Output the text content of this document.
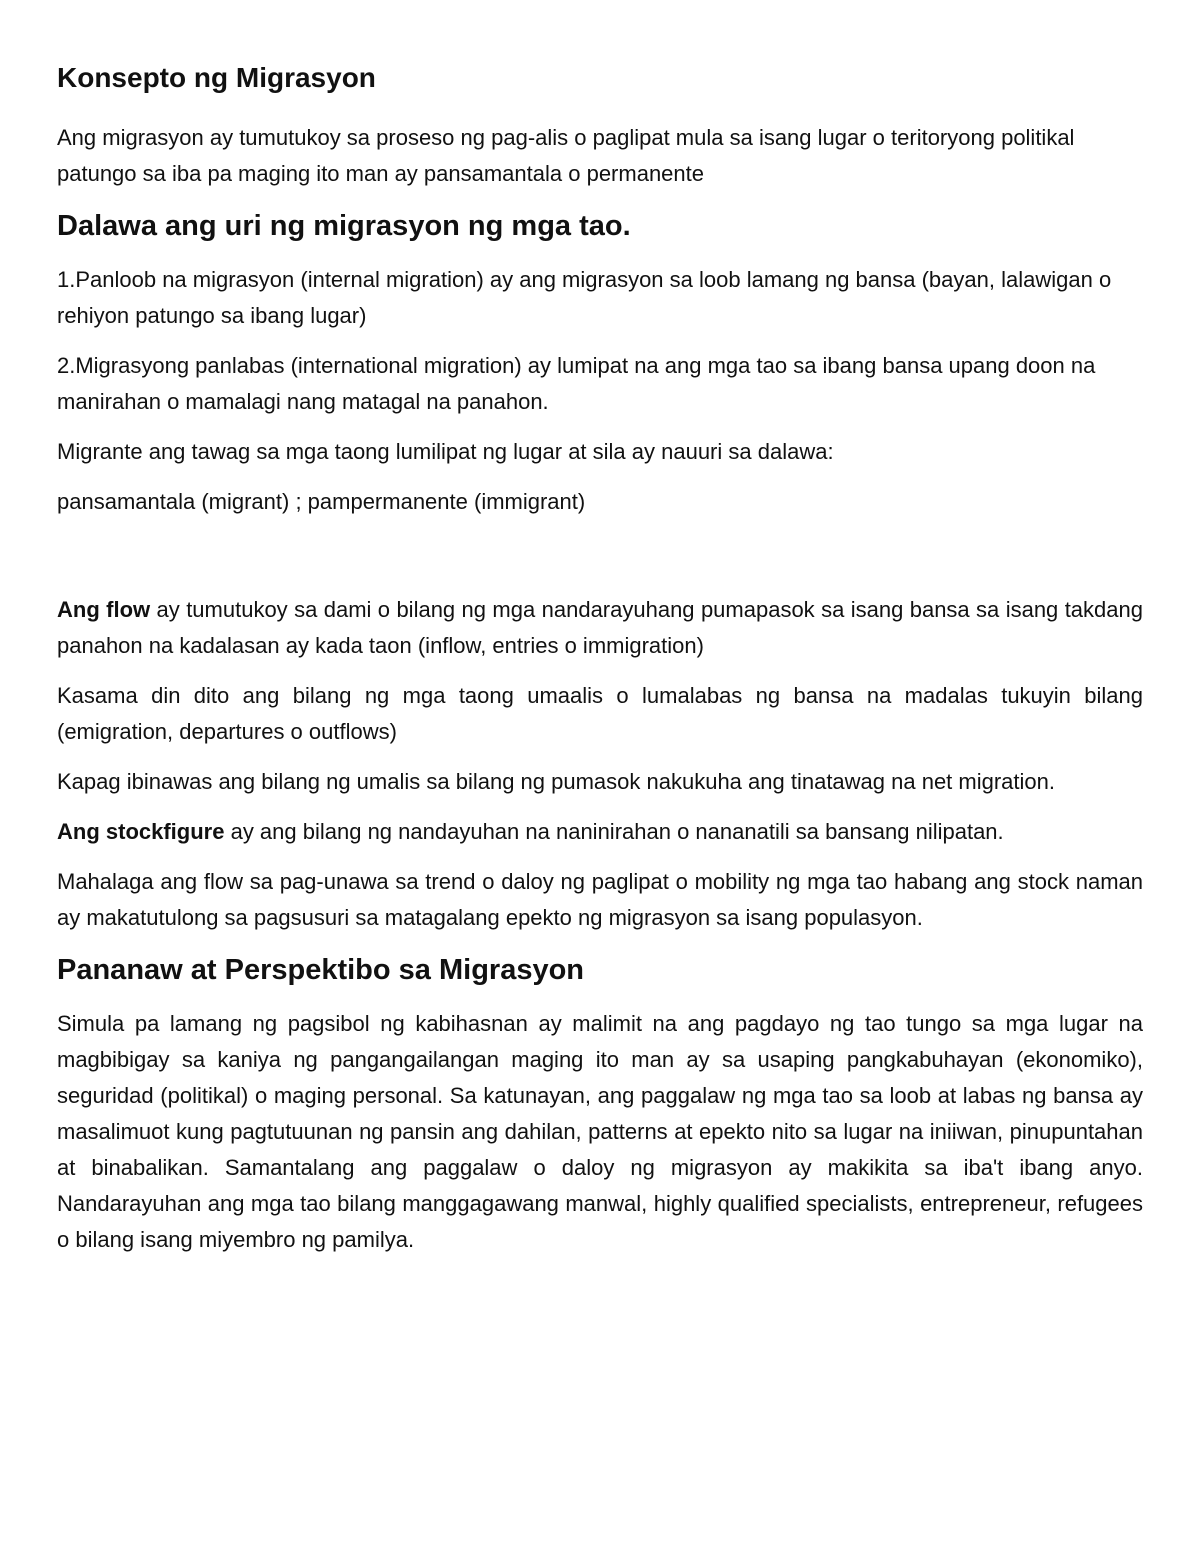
Konsepto ng Migrasyon

Ang migrasyon ay tumutukoy sa proseso ng pag-alis o paglipat mula sa isang lugar o teritoryong politikal patungo sa iba pa maging ito man ay pansamantala o permanente

Dalawa ang uri ng migrasyon ng mga tao.

1.Panloob na migrasyon (internal migration) ay ang migrasyon sa loob lamang ng bansa (bayan, lalawigan o rehiyon patungo sa ibang lugar)

2.Migrasyong panlabas (international migration) ay lumipat na ang mga tao sa ibang bansa upang doon na manirahan o mamalagi nang matagal na panahon.

Migrante ang tawag sa mga taong lumilipat ng lugar at sila ay nauuri sa dalawa:

pansamantala (migrant) ; pampermanente (immigrant)

Ang flow ay tumutukoy sa dami o bilang ng mga nandarayuhang pumapasok sa isang bansa sa isang takdang panahon na kadalasan ay kada taon (inflow, entries o immigration)

Kasama din dito ang bilang ng mga taong umaalis o lumalabas ng bansa na madalas tukuyin bilang (emigration, departures o outflows)

Kapag ibinawas ang bilang ng umalis sa bilang ng pumasok nakukuha ang tinatawag na net migration.

Ang stockfigure ay ang bilang ng nandayuhan na naninirahan o nananatili sa bansang nilipatan.

Mahalaga ang flow sa pag-unawa sa trend o daloy ng paglipat o mobility ng mga tao habang ang stock naman ay makatutulong sa pagsusuri sa matagalang epekto ng migrasyon sa isang populasyon.

Pananaw at Perspektibo sa Migrasyon

Simula pa lamang ng pagsibol ng kabihasnan ay malimit na ang pagdayo ng tao tungo sa mga lugar na magbibigay sa kaniya ng pangangailangan maging ito man ay sa usaping pangkabuhayan (ekonomiko), seguridad (politikal) o maging personal. Sa katunayan, ang paggalaw ng mga tao sa loob at labas ng bansa ay masalimuot kung pagtutuunan ng pansin ang dahilan, patterns at epekto nito sa lugar na iniiwan, pinupuntahan at binabalikan. Samantalang ang paggalaw o daloy ng migrasyon ay makikita sa iba't ibang anyo. Nandarayuhan ang mga tao bilang manggagawang manwal, highly qualified specialists, entrepreneur, refugees o bilang isang miyembro ng pamilya.
